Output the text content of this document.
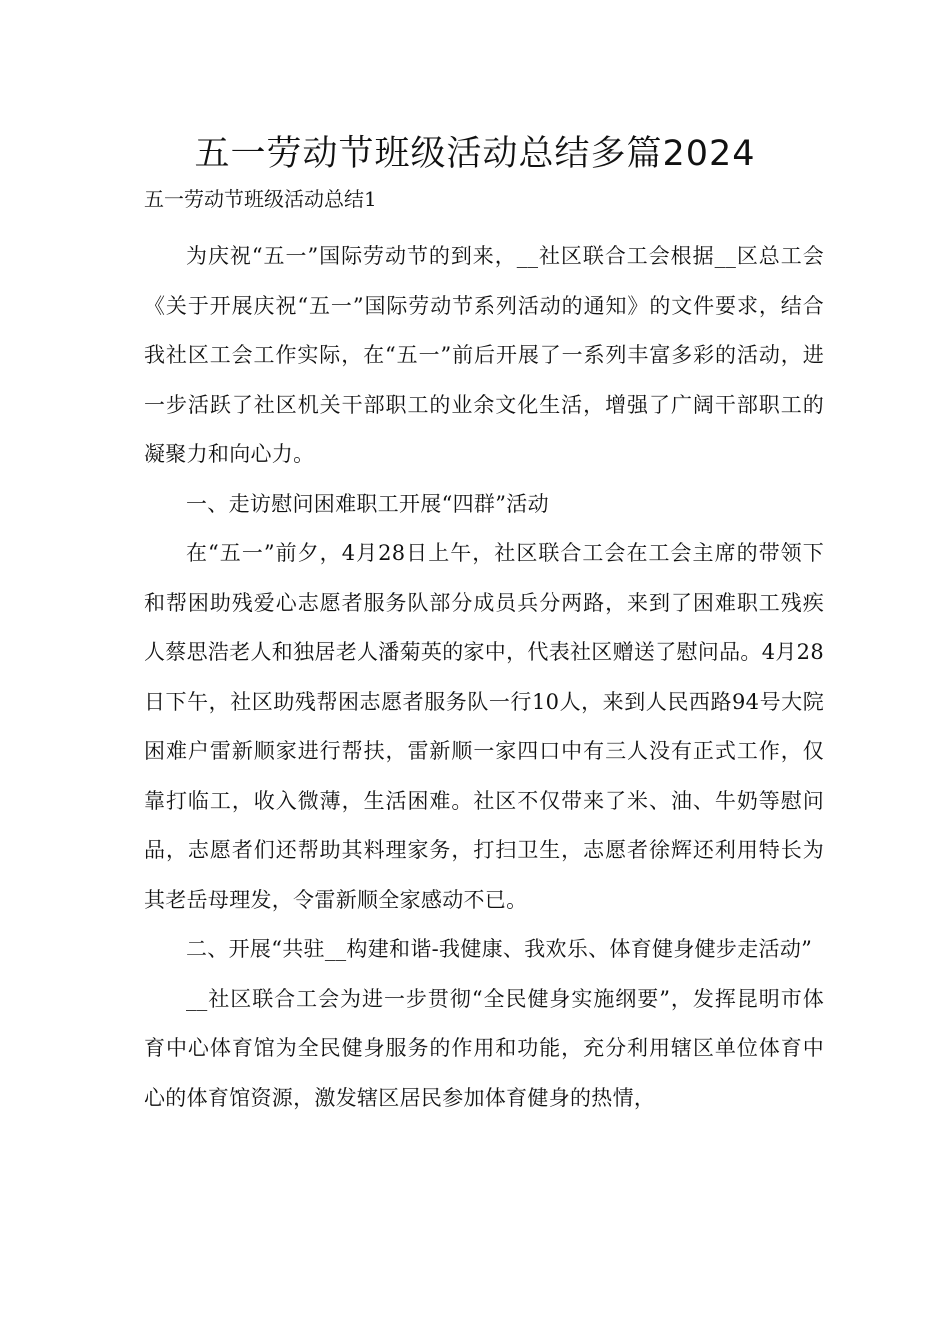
五一劳动节班级活动总结多篇2024

五一劳动节班级活动总结1

为庆祝“五一”国际劳动节的到来，__社区联合工会根据__区总工会《关于开展庆祝“五一”国际劳动节系列活动的通知》的文件要求，结合我社区工会工作实际，在“五一”前后开展了一系列丰富多彩的活动，进一步活跃了社区机关干部职工的业余文化生活，增强了广阔干部职工的凝聚力和向心力。

一、走访慰问困难职工开展“四群”活动

在“五一”前夕，4月28日上午，社区联合工会在工会主席的带领下和帮困助残爱心志愿者服务队部分成员兵分两路，来到了困难职工残疾人蔡思浩老人和独居老人潘菊英的家中，代表社区赠送了慰问品。4月28日下午，社区助残帮困志愿者服务队一行10人，来到人民西路94号大院困难户雷新顺家进行帮扶，雷新顺一家四口中有三人没有正式工作，仅靠打临工，收入微薄，生活困难。社区不仅带来了米、油、牛奶等慰问品，志愿者们还帮助其料理家务，打扫卫生，志愿者徐辉还利用特长为其老岳母理发，令雷新顺全家感动不已。

二、开展“共驻__构建和谐-我健康、我欢乐、体育健身健步走活动”

__社区联合工会为进一步贯彻“全民健身实施纲要”，发挥昆明市体育中心体育馆为全民健身服务的作用和功能，充分利用辖区单位体育中心的体育馆资源，激发辖区居民参加体育健身的热情，
